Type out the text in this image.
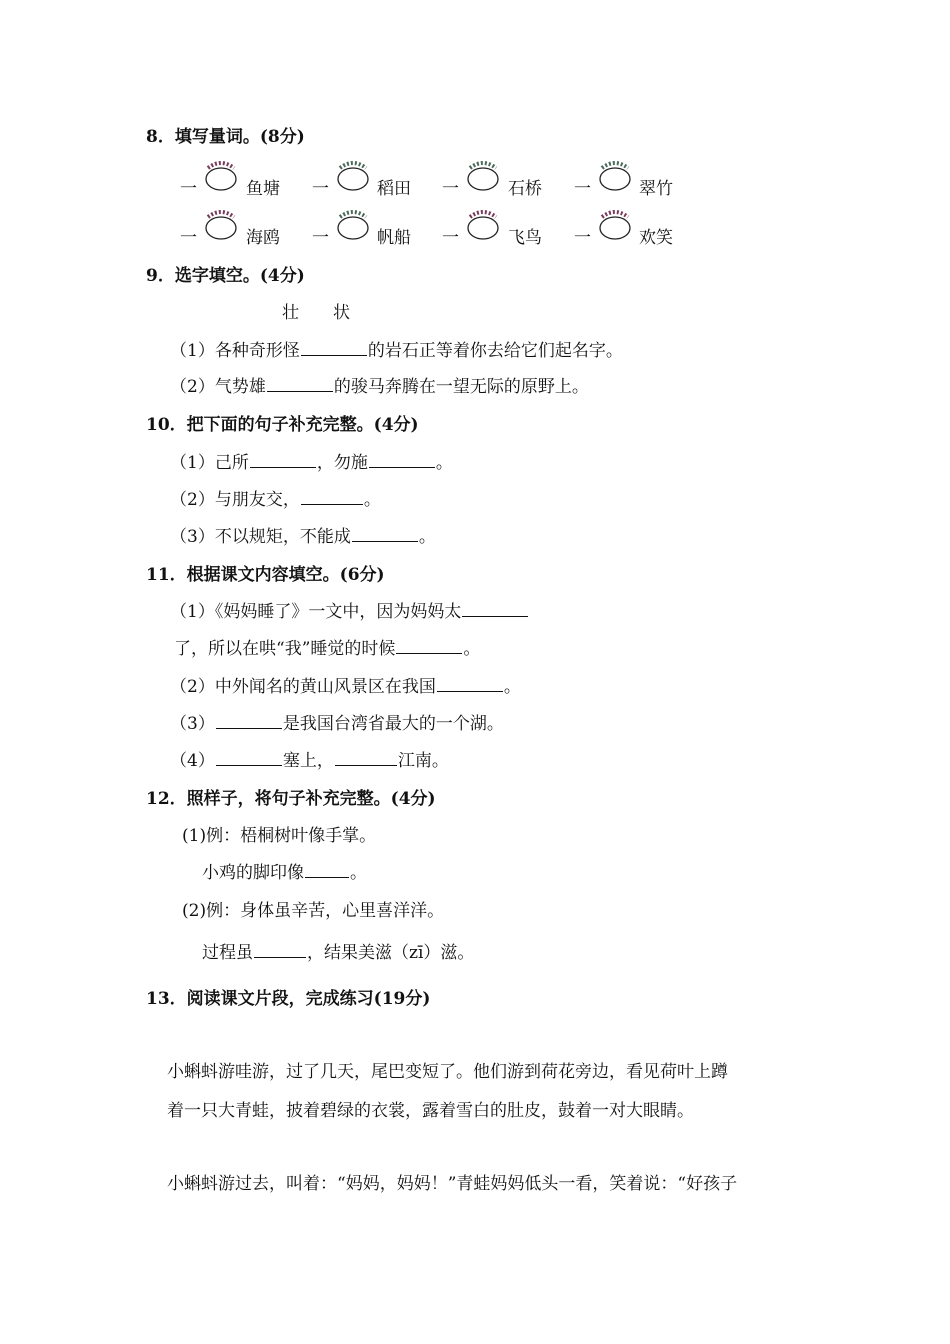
8．填写量词。(8分)
一	鱼塘 一	稻田 一	石桥 一	翠竹
一	海鸥 一	帆船 一	飞鸟 一	欢笑
9．选字填空。(4分)
壮　　状
（1）各种奇形怪	的岩石正等着你去给它们起名字。
（2）气势雄	的骏马奔腾在一望无际的原野上。
10．把下面的句子补充完整。(4分)
（1）己所	，勿施	。
（2）与朋友交，	。
（3）不以规矩，不能成	。
11．根据课文内容填空。(6分)
（1）《妈妈睡了》一文中，因为妈妈太
了，所以在哄“我”睡觉的时候	。
（2）中外闻名的黄山风景区在我国	。
（3）	是我国台湾省最大的一个湖。
（4）	塞上，	江南。
12．照样子，将句子补充完整。(4分)
(1)例：梧桐树叶像手掌。
小鸡的脚印像	。
(2)例：身体虽辛苦，心里喜洋洋。
过程虽	，结果美滋（zī）滋。
13．阅读课文片段，完成练习(19分)
小蝌蚪游哇游，过了几天，尾巴变短了。他们游到荷花旁边，看见荷叶上蹲
着一只大青蛙，披着碧绿的衣裳，露着雪白的肚皮，鼓着一对大眼睛。
小蝌蚪游过去，叫着：“妈妈，妈妈！”青蛙妈妈低头一看，笑着说：“好孩子
